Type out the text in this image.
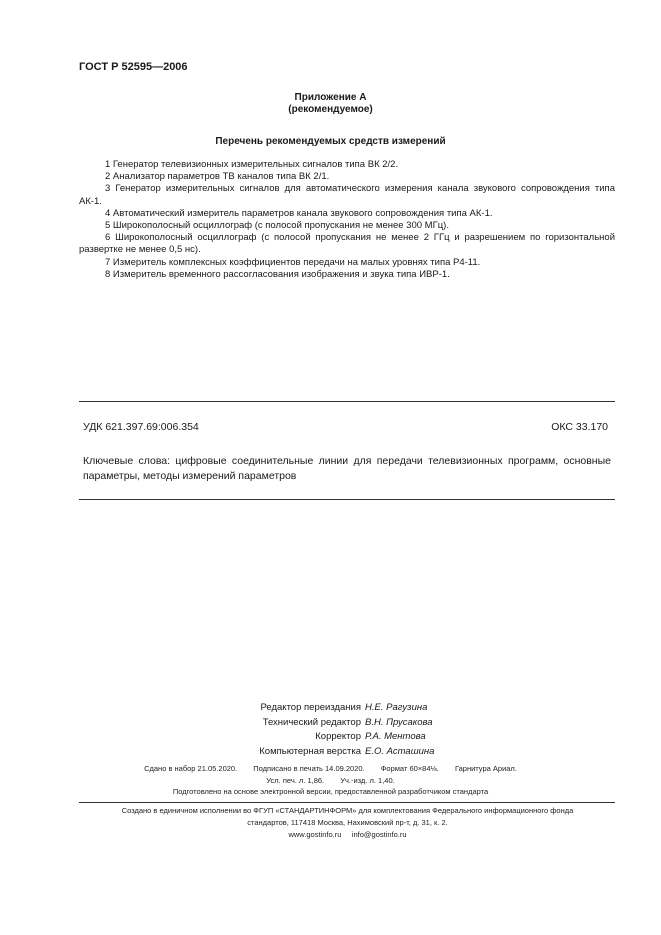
ГОСТ Р 52595—2006
Приложение А
(рекомендуемое)
Перечень рекомендуемых средств измерений
1 Генератор телевизионных измерительных сигналов типа ВК 2/2.
2 Анализатор параметров ТВ каналов типа ВК 2/1.
3 Генератор измерительных сигналов для автоматического измерения канала звукового сопровождения типа АК-1.
4 Автоматический измеритель параметров канала звукового сопровождения типа АК-1.
5 Широкополосный осциллограф (с полосой пропускания не менее 300 МГц).
6 Широкополосный осциллограф (с полосой пропускания не менее 2 ГГц и разрешением по горизонтальной развертке не менее 0,5 нс).
7 Измеритель комплексных коэффициентов передачи на малых уровнях типа Р4-11.
8 Измеритель временного рассогласования изображения и звука типа ИВР-1.
УДК 621.397.69:006.354	ОКС 33.170
Ключевые слова: цифровые соединительные линии для передачи телевизионных программ, основные параметры, методы измерений параметров
Редактор переиздания Н.Е. Рагузина
Технический редактор В.Н. Прусакова
Корректор Р.А. Ментова
Компьютерная верстка Е.О. Асташина
Сдано в набор 21.05.2020. Подписано в печать 14.09.2020. Формат 60×84⅛. Гарнитура Ариал.
Усл. печ. л. 1,86. Уч.-изд. л. 1,40.
Подготовлено на основе электронной версии, предоставленной разработчиком стандарта
Создано в единичном исполнении во ФГУП «СТАНДАРТИНФОРМ» для комплектования Федерального информационного фонда
стандартов, 117418 Москва, Нахимовский пр-т, д. 31, к. 2.
www.gostinfo.ru info@gostinfo.ru
